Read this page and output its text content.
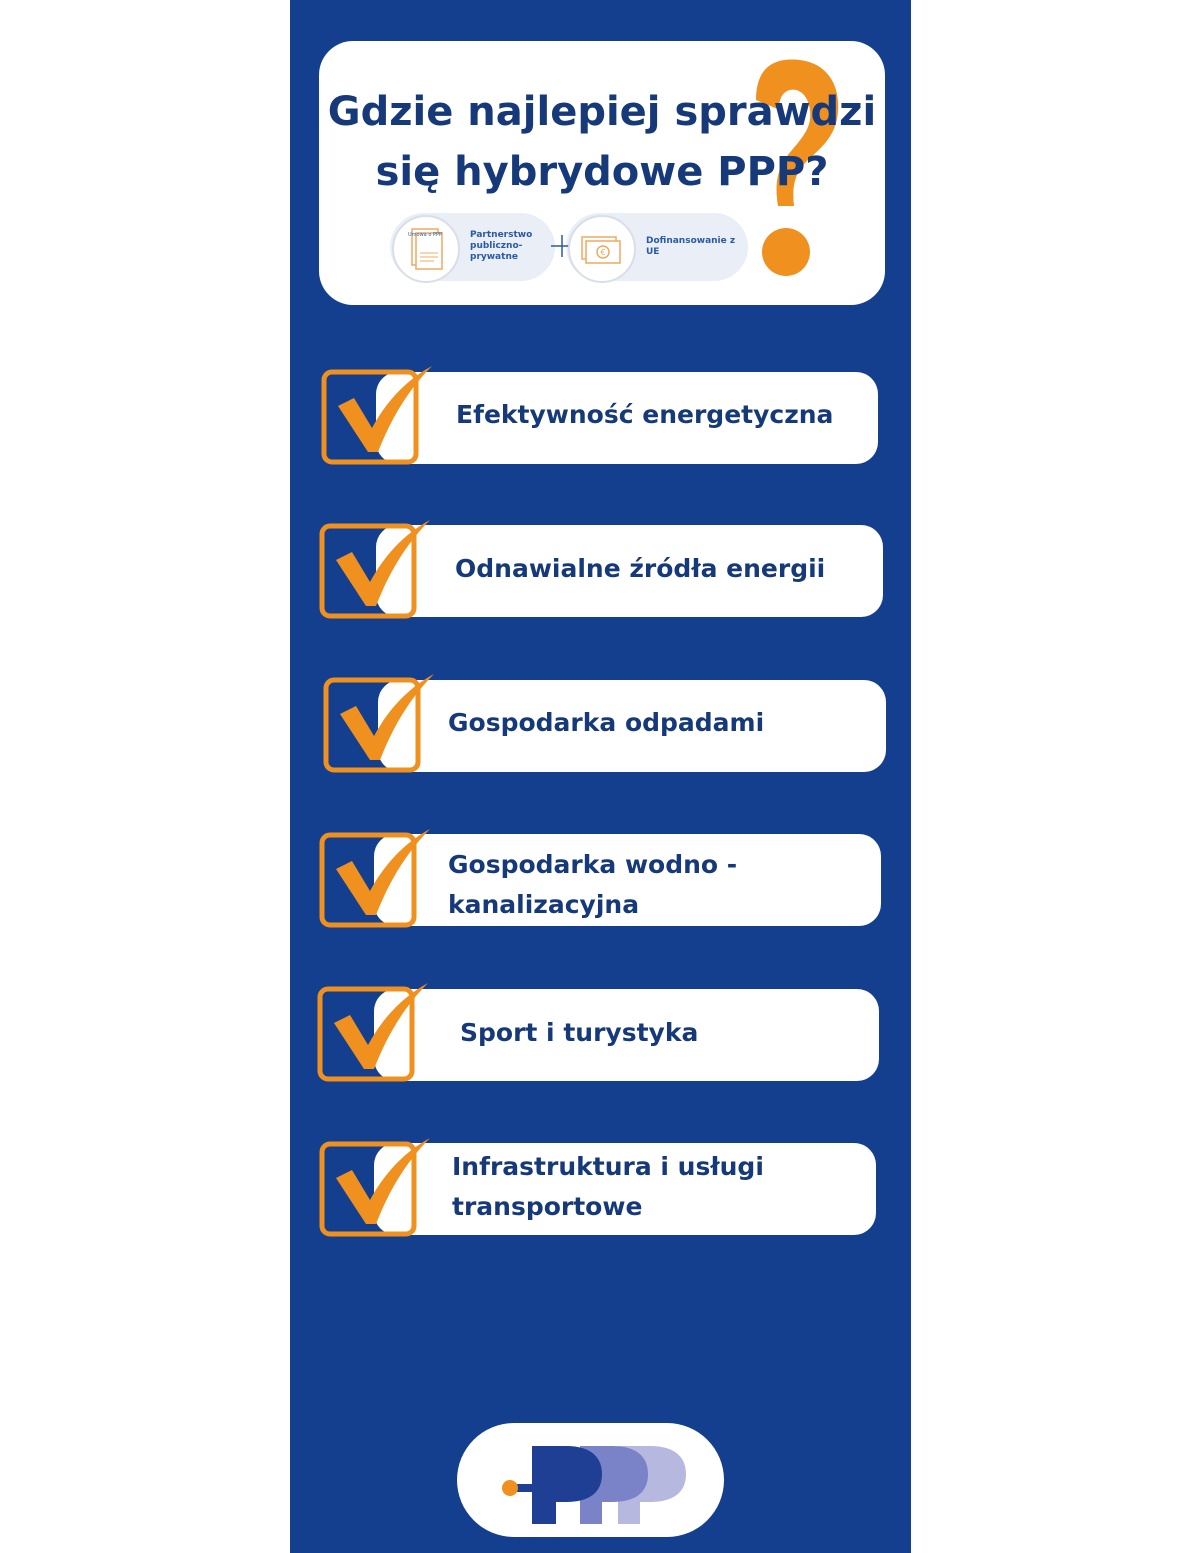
Gdzie najlepiej sprawdzi
się hybrydowe PPP?
Umowa o PPP	Partnerstwo publiczno-prywatne	€
Dofinansowanie z UE
Efektywność energetyczna
Odnawialne źródła energii
Gospodarka odpadami
Gospodarka wodno -
kanalizacyjna
Sport i turystyka
Infrastruktura i usługi
transportowe
